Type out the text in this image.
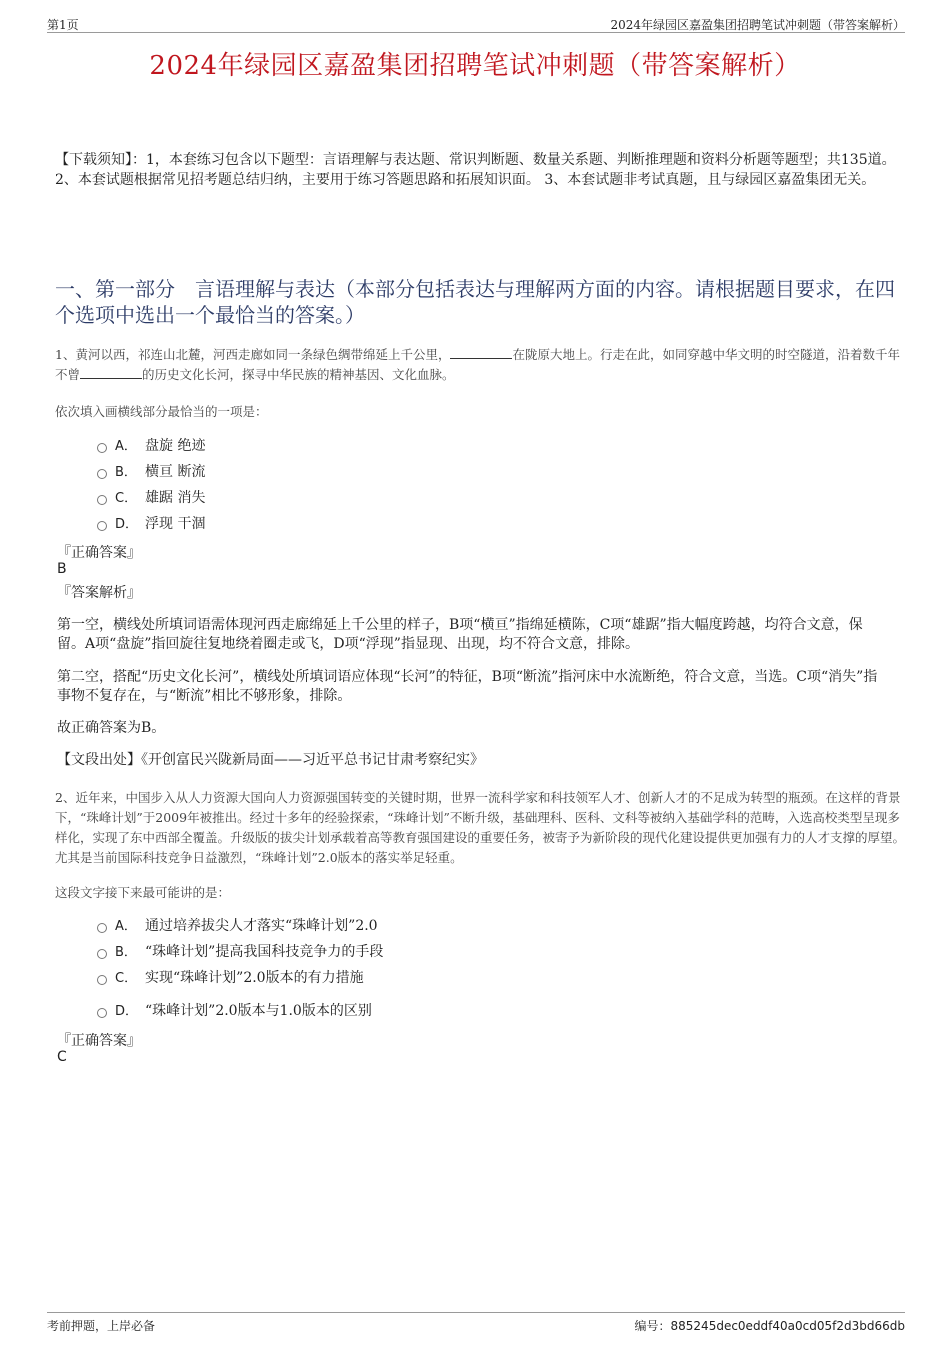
第1页	2024年绿园区嘉盈集团招聘笔试冲刺题（带答案解析）
2024年绿园区嘉盈集团招聘笔试冲刺题（带答案解析）
【下载须知】：1，本套练习包含以下题型：言语理解与表达题、常识判断题、数量关系题、判断推理题和资料分析题等题型；共135道。 2、本套试题根据常见招考题总结归纳，主要用于练习答题思路和拓展知识面。 3、本套试题非考试真题，且与绿园区嘉盈集团无关。
一、第一部分　言语理解与表达（本部分包括表达与理解两方面的内容。请根据题目要求，在四个选项中选出一个最恰当的答案。）
1、黄河以西，祁连山北麓，河西走廊如同一条绿色绸带绵延上千公里，	在陇原大地上。行走在此，如同穿越中华文明的时空隧道，沿着数千年不曾	的历史文化长河，探寻中华民族的精神基因、文化血脉。
依次填入画横线部分最恰当的一项是：
A． 盘旋 绝迹
B． 横亘 断流
C． 雄踞 消失
D． 浮现 干涸
『正确答案』
B
『答案解析』
第一空，横线处所填词语需体现河西走廊绵延上千公里的样子，B项“横亘”指绵延横陈，C项“雄踞”指大幅度跨越，均符合文意，保留。A项“盘旋”指回旋往复地绕着圈走或飞，D项“浮现”指显现、出现，均不符合文意，排除。
第二空，搭配“历史文化长河”，横线处所填词语应体现“长河”的特征，B项“断流”指河床中水流断绝，符合文意，当选。C项“消失”指事物不复存在，与“断流”相比不够形象，排除。
故正确答案为B。
【文段出处】《开创富民兴陇新局面——习近平总书记甘肃考察纪实》
2、近年来，中国步入从人力资源大国向人力资源强国转变的关键时期，世界一流科学家和科技领军人才、创新人才的不足成为转型的瓶颈。在这样的背景下，“珠峰计划”于2009年被推出。经过十多年的经验探索，“珠峰计划”不断升级，基础理科、医科、文科等被纳入基础学科的范畴，入选高校类型呈现多样化，实现了东中西部全覆盖。升级版的拔尖计划承载着高等教育强国建设的重要任务，被寄予为新阶段的现代化建设提供更加强有力的人才支撑的厚望。尤其是当前国际科技竞争日益激烈，“珠峰计划”2.0版本的落实举足轻重。
这段文字接下来最可能讲的是：
A． 通过培养拔尖人才落实“珠峰计划”2.0
B． “珠峰计划”提高我国科技竞争力的手段
C． 实现“珠峰计划”2.0版本的有力措施
D． “珠峰计划”2.0版本与1.0版本的区别
『正确答案』
C
考前押题，上岸必备	编号：885245dec0eddf40a0cd05f2d3bd66db
